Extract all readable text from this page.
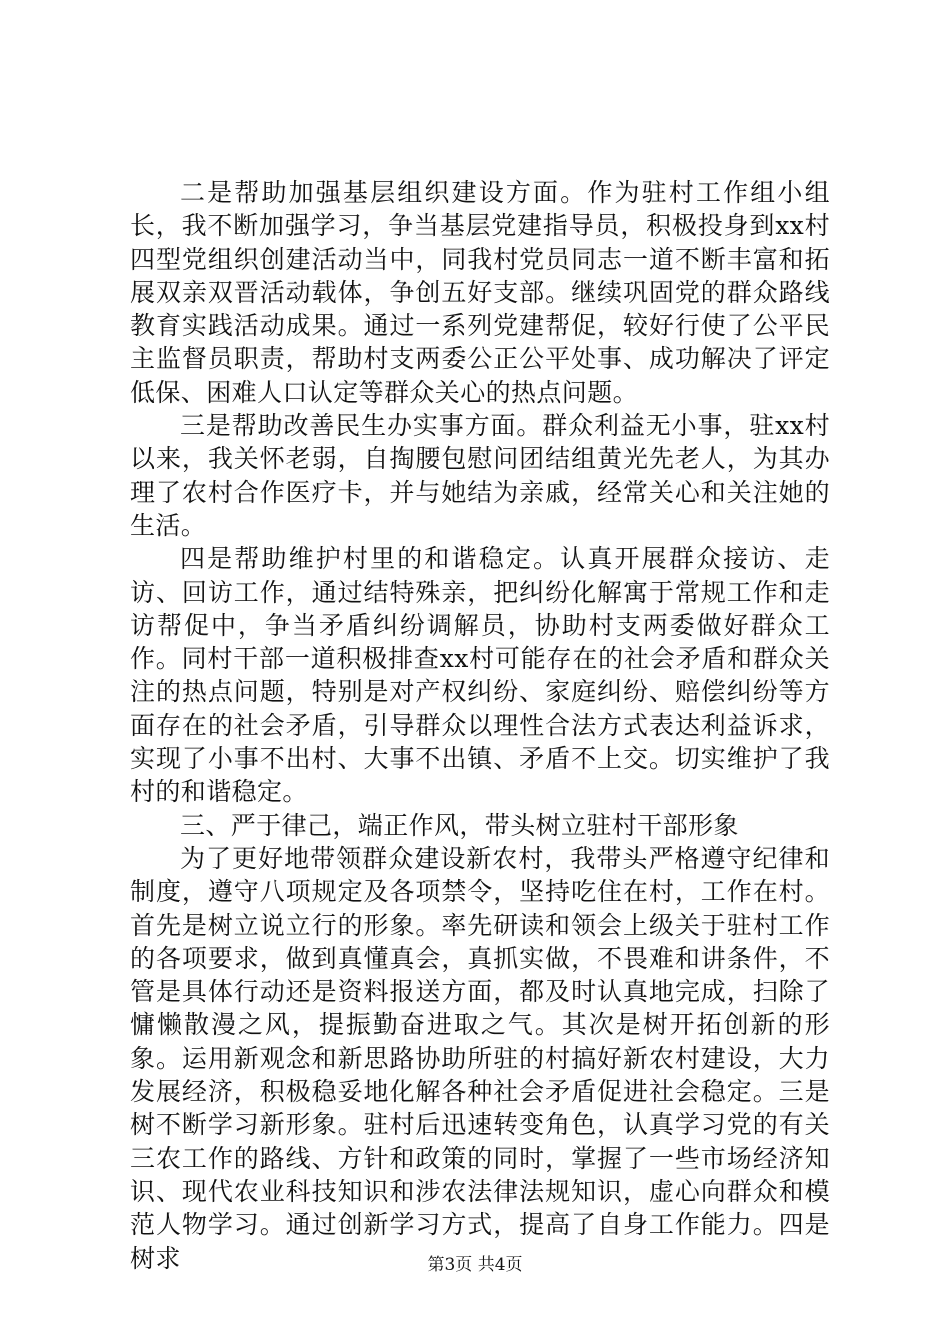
二是帮助加强基层组织建设方面。作为驻村工作组小组长，我不断加强学习，争当基层党建指导员，积极投身到xx村四型党组织创建活动当中，同我村党员同志一道不断丰富和拓展双亲双晋活动载体，争创五好支部。继续巩固党的群众路线教育实践活动成果。通过一系列党建帮促，较好行使了公平民主监督员职责，帮助村支两委公正公平处事、成功解决了评定低保、困难人口认定等群众关心的热点问题。

三是帮助改善民生办实事方面。群众利益无小事，驻xx村以来，我关怀老弱，自掏腰包慰问团结组黄光先老人，为其办理了农村合作医疗卡，并与她结为亲戚，经常关心和关注她的生活。

四是帮助维护村里的和谐稳定。认真开展群众接访、走访、回访工作，通过结特殊亲，把纠纷化解寓于常规工作和走访帮促中，争当矛盾纠纷调解员，协助村支两委做好群众工作。同村干部一道积极排查xx村可能存在的社会矛盾和群众关注的热点问题，特别是对产权纠纷、家庭纠纷、赔偿纠纷等方面存在的社会矛盾，引导群众以理性合法方式表达利益诉求，实现了小事不出村、大事不出镇、矛盾不上交。切实维护了我村的和谐稳定。

三、严于律己，端正作风，带头树立驻村干部形象

为了更好地带领群众建设新农村，我带头严格遵守纪律和制度，遵守八项规定及各项禁令，坚持吃住在村，工作在村。首先是树立说立行的形象。率先研读和领会上级关于驻村工作的各项要求，做到真懂真会，真抓实做，不畏难和讲条件，不管是具体行动还是资料报送方面，都及时认真地完成，扫除了慵懒散漫之风，提振勤奋进取之气。其次是树开拓创新的形象。运用新观念和新思路协助所驻的村搞好新农村建设，大力发展经济，积极稳妥地化解各种社会矛盾促进社会稳定。三是树不断学习新形象。驻村后迅速转变角色，认真学习党的有关三农工作的路线、方针和政策的同时，掌握了一些市场经济知识、现代农业科技知识和涉农法律法规知识，虚心向群众和模范人物学习。通过创新学习方式，提高了自身工作能力。四是树求	第3页 共4页
